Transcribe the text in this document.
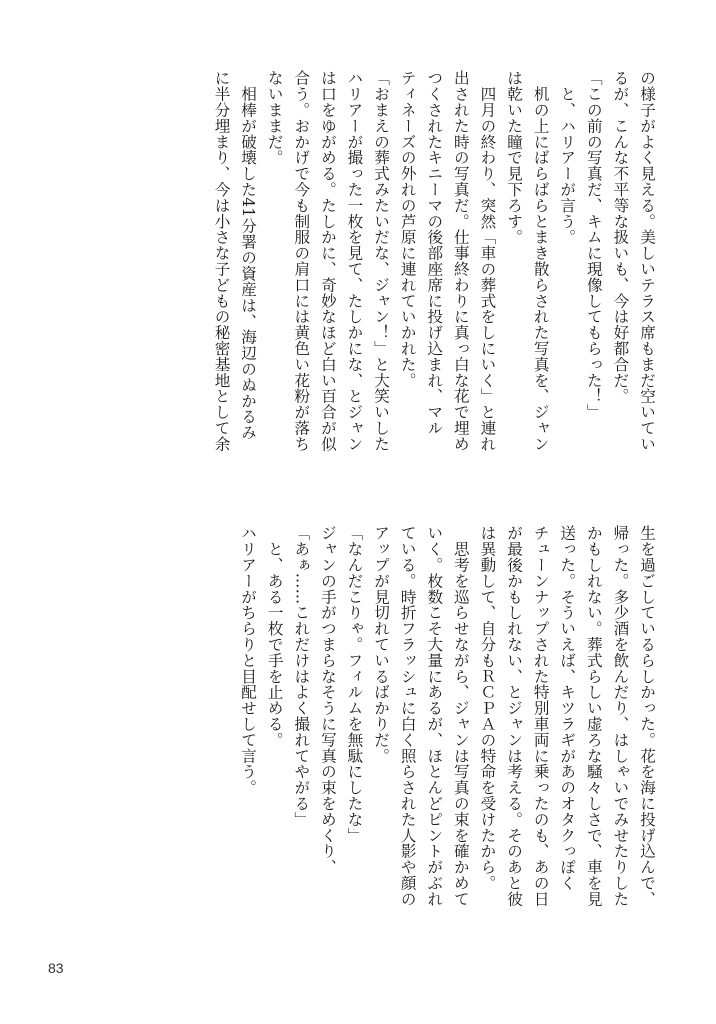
の様子がよく見える。美しいテラス席もまだ空いてい
るが、こんな不平等な扱いも、今は好都合だ。
「この前の写真だ、キムに現像してもらった！」
　と、ハリアーが言う。
　机の上にばらばらとまき散らされた写真を、ジャン
は乾いた瞳で見下ろす。
　四月の終わり、突然「車の葬式をしにいく」と連れ
出された時の写真だ。仕事終わりに真っ白な花で埋め
つくされたキニーマの後部座席に投げ込まれ、マル
ティネーズの外れの芦原に連れていかれた。
「おまえの葬式みたいだな、ジャン！」と大笑いした
ハリアーが撮った一枚を見て、たしかにな、とジャン
は口をゆがめる。たしかに、奇妙なほど白い百合が似
合う。おかげで今も制服の肩口には黄色い花粉が落ち
ないままだ。
　相棒が破壊した41分署の資産は、海辺のぬかるみ
に半分埋まり、今は小さな子どもの秘密基地として余
生を過ごしているらしかった。花を海に投げ込んで、
帰った。多少酒を飲んだり、はしゃいでみせたりした
かもしれない。葬式らしい虚ろな騒々しさで、車を見
送った。そういえば、キツラギがあのオタクっぽく
チューンナップされた特別車両に乗ったのも、あの日
が最後かもしれない、とジャンは考える。そのあと彼
は異動して、自分もＲＣＰＡの特命を受けたから。
　思考を巡らせながら、ジャンは写真の束を確かめて
いく。枚数こそ大量にあるが、ほとんどピントがぶれ
ている。時折フラッシュに白く照らされた人影や顔の
アップが見切れているばかりだ。
「なんだこりゃ。フィルムを無駄にしたな」
ジャンの手がつまらなそうに写真の束をめくり、
「あぁ……これだけはよく撮れてやがる」
　と、ある一枚で手を止める。
ハリアーがちらりと目配せして言う。
83
